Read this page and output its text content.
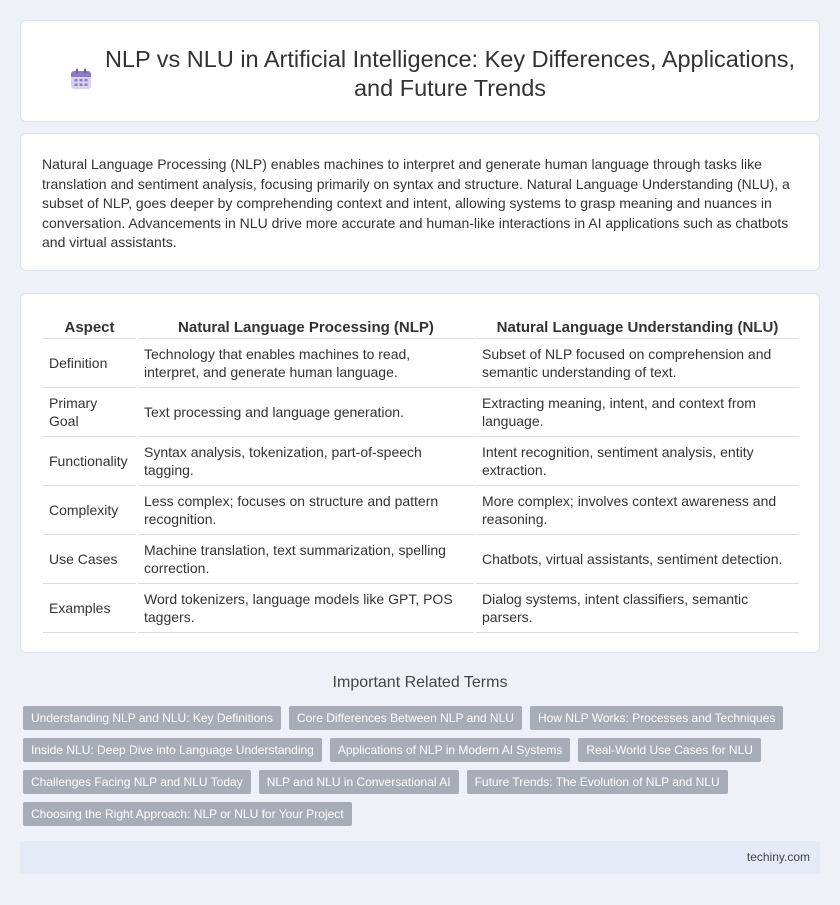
NLP vs NLU in Artificial Intelligence: Key Differences, Applications, and Future Trends

Natural Language Processing (NLP) enables machines to interpret and generate human language through tasks like translation and sentiment analysis, focusing primarily on syntax and structure. Natural Language Understanding (NLU), a subset of NLP, goes deeper by comprehending context and intent, allowing systems to grasp meaning and nuances in conversation. Advancements in NLU drive more accurate and human-like interactions in AI applications such as chatbots and virtual assistants.

Aspect	Natural Language Processing (NLP)	Natural Language Understanding (NLU)
Definition	Technology that enables machines to read, interpret, and generate human language.	Subset of NLP focused on comprehension and semantic understanding of text.
Primary Goal	Text processing and language generation.	Extracting meaning, intent, and context from language.
Functionality	Syntax analysis, tokenization, part-of-speech tagging.	Intent recognition, sentiment analysis, entity extraction.
Complexity	Less complex; focuses on structure and pattern recognition.	More complex; involves context awareness and reasoning.
Use Cases	Machine translation, text summarization, spelling correction.	Chatbots, virtual assistants, sentiment detection.
Examples	Word tokenizers, language models like GPT, POS taggers.	Dialog systems, intent classifiers, semantic parsers.
Important Related Terms
Understanding NLP and NLU: Key Definitions	Core Differences Between NLP and NLU	How NLP Works: Processes and Techniques
Inside NLU: Deep Dive into Language Understanding	Applications of NLP in Modern AI Systems	Real-World Use Cases for NLU
Challenges Facing NLP and NLU Today	NLP and NLU in Conversational AI	Future Trends: The Evolution of NLP and NLU
Choosing the Right Approach: NLP or NLU for Your Project
techiny.com
